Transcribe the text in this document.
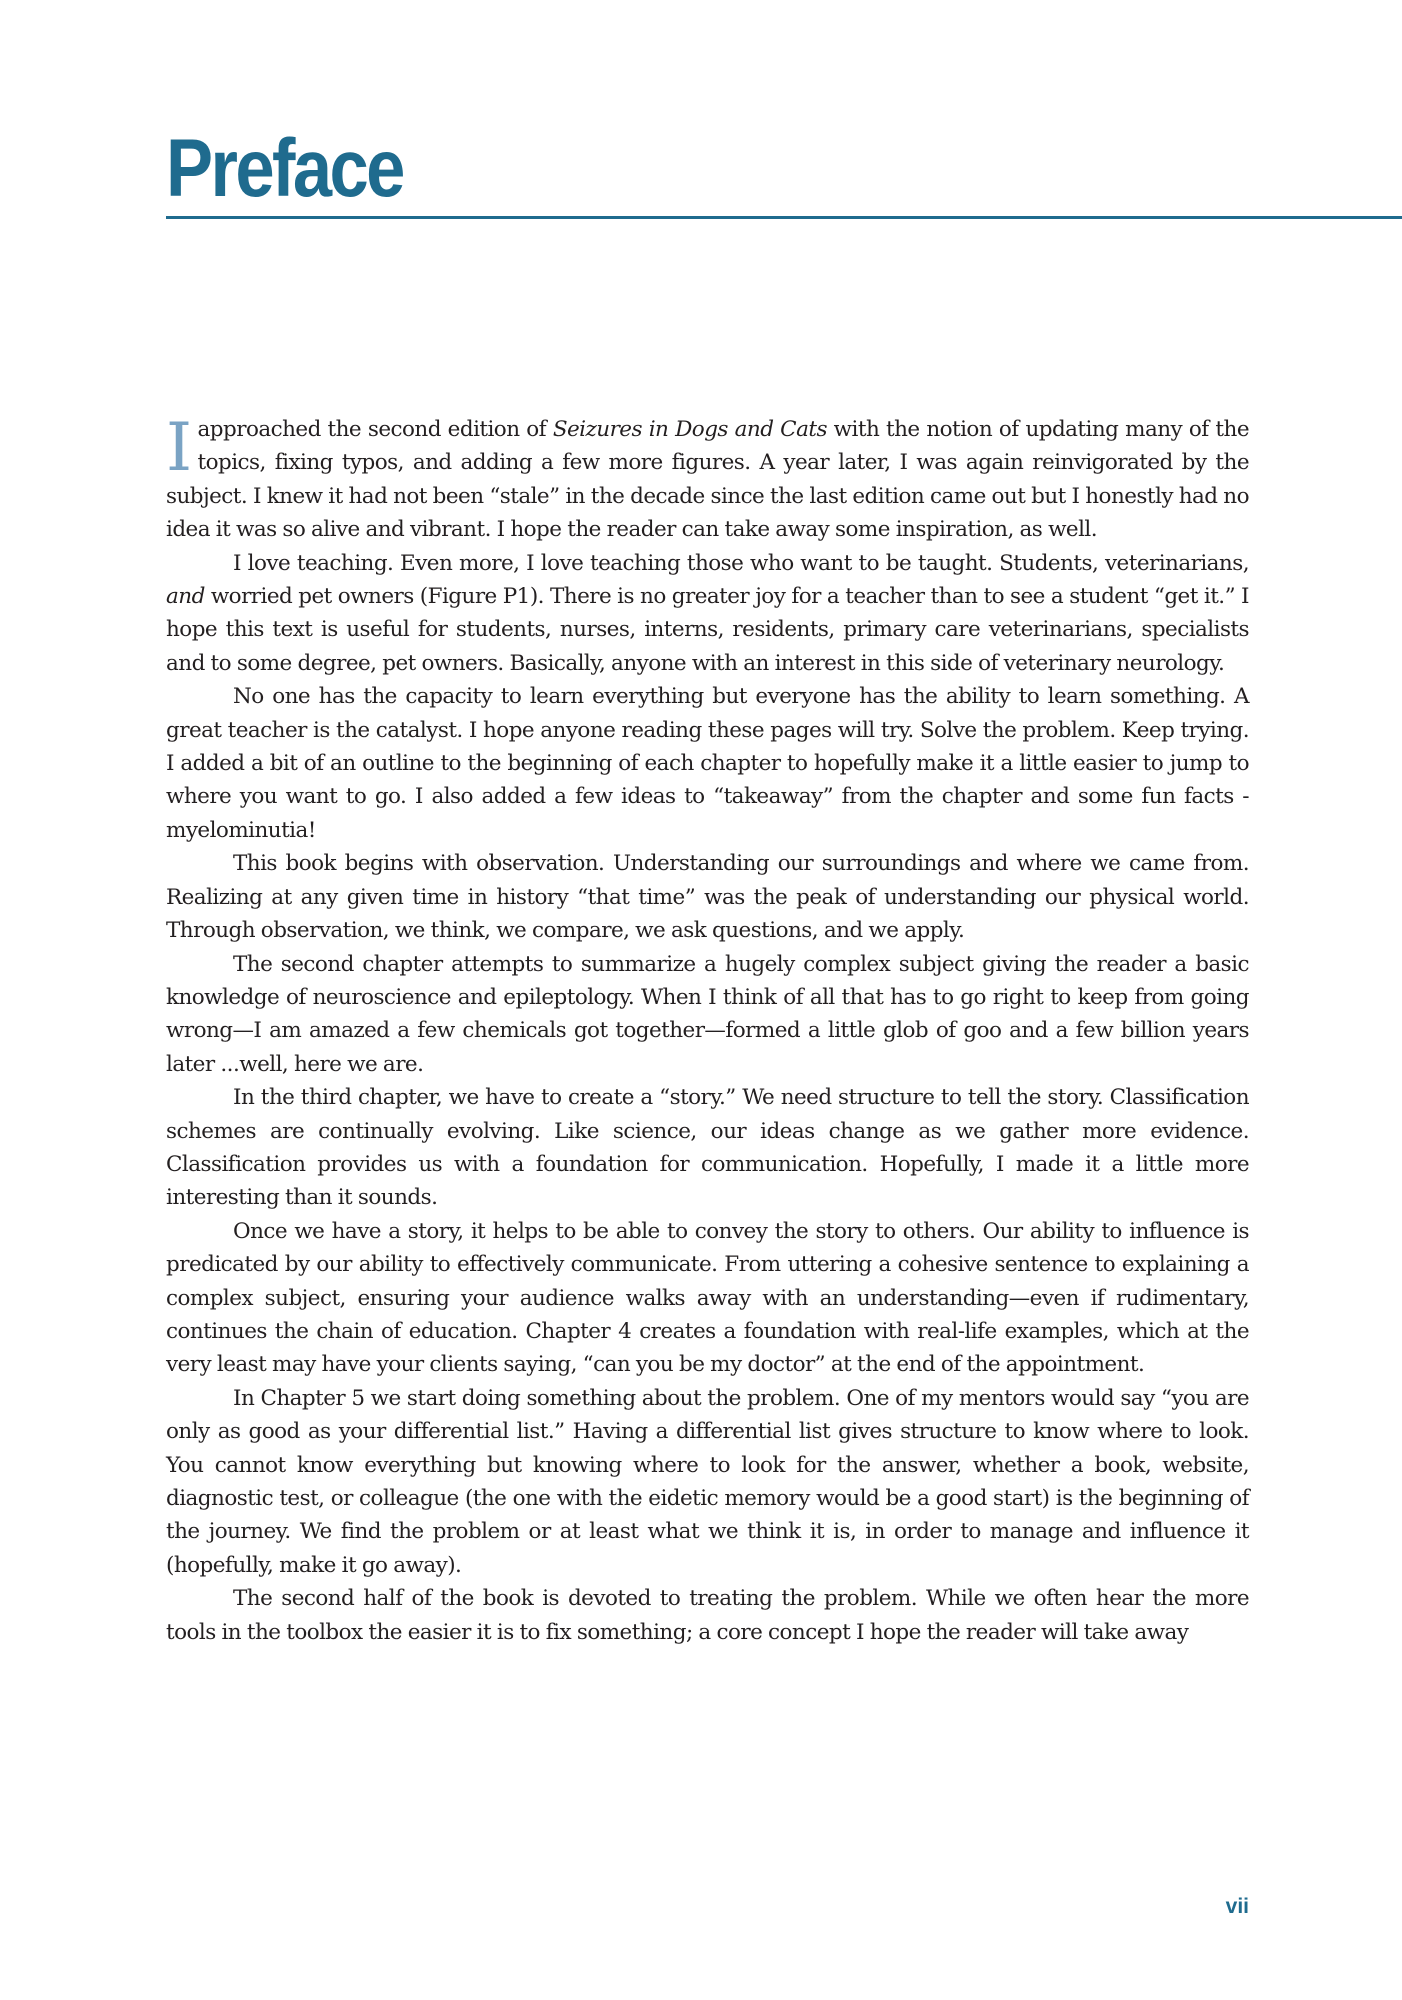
Preface

I approached the second edition of Seizures in Dogs and Cats with the notion of updating many of the topics, fixing typos, and adding a few more figures. A year later, I was again reinvigorated by the subject. I knew it had not been “stale” in the decade since the last edition came out but I honestly had no idea it was so alive and vibrant. I hope the reader can take away some inspiration, as well.

I love teaching. Even more, I love teaching those who want to be taught. Students, veterinarians, and worried pet owners (Figure P1). There is no greater joy for a teacher than to see a student “get it.” I hope this text is useful for students, nurses, interns, residents, primary care veterinarians, specialists and to some degree, pet owners. Basically, anyone with an interest in this side of veterinary neurology.

No one has the capacity to learn everything but everyone has the ability to learn something. A great teacher is the catalyst. I hope anyone reading these pages will try. Solve the problem. Keep trying. I added a bit of an outline to the beginning of each chapter to hopefully make it a little easier to jump to where you want to go. I also added a few ideas to “takeaway” from the chapter and some fun facts - myelominutia!

This book begins with observation. Understanding our surroundings and where we came from. Realizing at any given time in history “that time” was the peak of understanding our physical world. Through observation, we think, we compare, we ask questions, and we apply.

The second chapter attempts to summarize a hugely complex subject giving the reader a basic knowledge of neuroscience and epileptology. When I think of all that has to go right to keep from going wrong—I am amazed a few chemicals got together—formed a little glob of goo and a few billion years later ...well, here we are.

In the third chapter, we have to create a “story.” We need structure to tell the story. Classification schemes are continually evolving. Like science, our ideas change as we gather more evidence. Classification provides us with a foundation for communication. Hopefully, I made it a little more interesting than it sounds.

Once we have a story, it helps to be able to convey the story to others. Our ability to influence is predicated by our ability to effectively communicate. From uttering a cohesive sentence to explaining a complex subject, ensuring your audience walks away with an understanding—even if rudimentary, continues the chain of education. Chapter 4 creates a foundation with real-life examples, which at the very least may have your clients saying, “can you be my doctor” at the end of the appointment.

In Chapter 5 we start doing something about the problem. One of my mentors would say “you are only as good as your differential list.” Having a differential list gives structure to know where to look. You cannot know everything but knowing where to look for the answer, whether a book, website, diagnostic test, or colleague (the one with the eidetic memory would be a good start) is the beginning of the journey. We find the problem or at least what we think it is, in order to manage and influence it (hopefully, make it go away).

The second half of the book is devoted to treating the problem. While we often hear the more tools in the toolbox the easier it is to fix something; a core concept I hope the reader will take away

vii
